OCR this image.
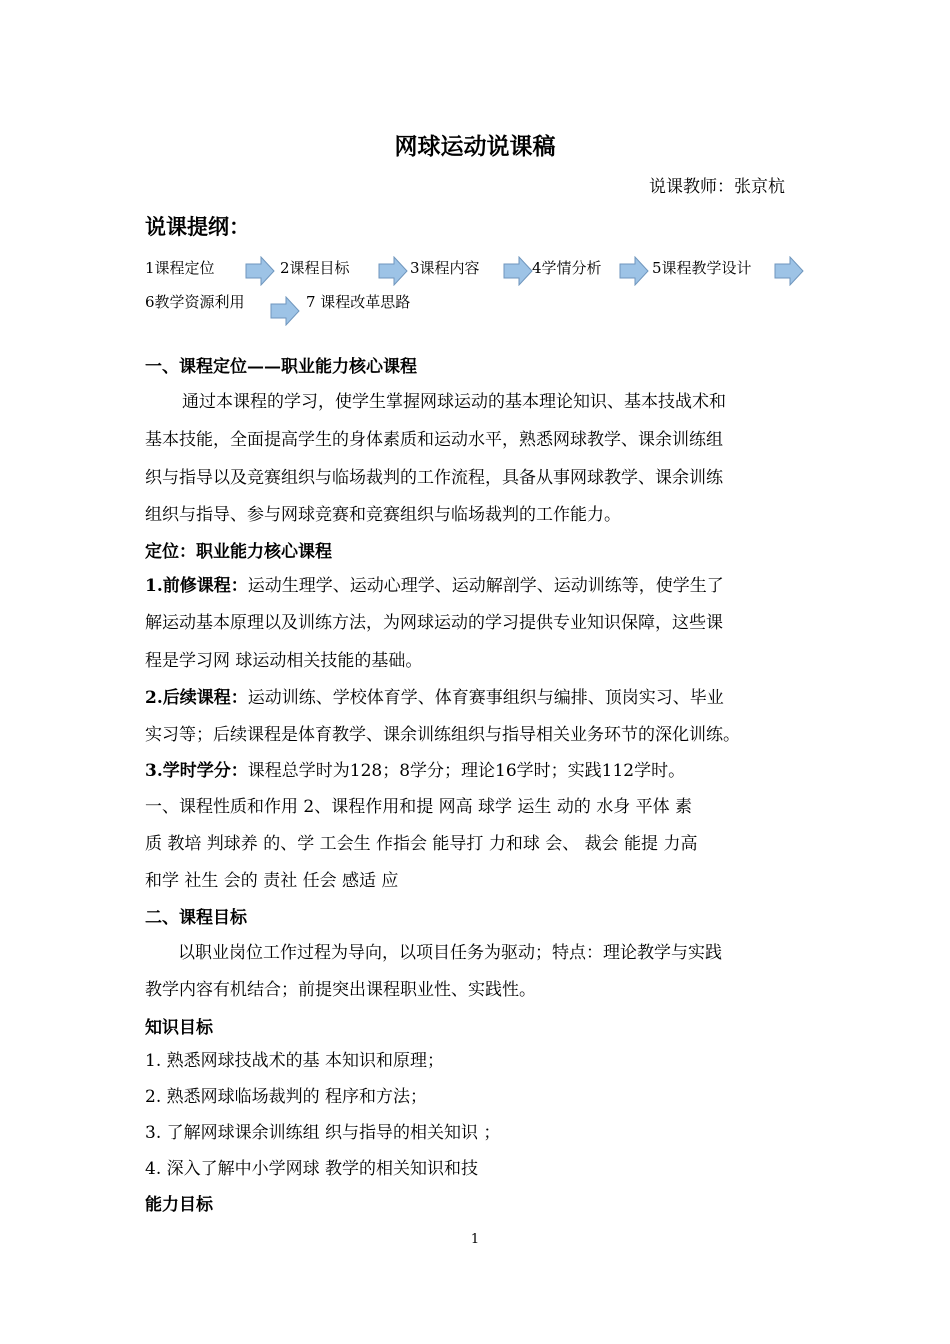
网球运动说课稿
说课教师：张京杭
说课提纲：
1课程定位	2课程目标	3课程内容	4学情分析	5课程教学设计
6教学资源利用	7 课程改革思路
一、课程定位——职业能力核心课程
通过本课程的学习，使学生掌握网球运动的基本理论知识、基本技战术和
基本技能，全面提高学生的身体素质和运动水平，熟悉网球教学、课余训练组
织与指导以及竞赛组织与临场裁判的工作流程，具备从事网球教学、课余训练
组织与指导、参与网球竞赛和竞赛组织与临场裁判的工作能力。
定位：职业能力核心课程
1.前修课程：运动生理学、运动心理学、运动解剖学、运动训练等，使学生了
解运动基本原理以及训练方法，为网球运动的学习提供专业知识保障，这些课
程是学习网 球运动相关技能的基础。
2.后续课程：运动训练、学校体育学、体育赛事组织与编排、顶岗实习、毕业
实习等；后续课程是体育教学、课余训练组织与指导相关业务环节的深化训练。
3.学时学分：课程总学时为128；8学分；理论16学时；实践112学时。
一、课程性质和作用 2、课程作用和提 网高 球学 运生 动的 水身 平体 素
质 教培 判球养 的、学 工会生 作指会 能导打 力和球 会、 裁会 能提 力高
和学 社生 会的 责社 任会 感适 应
二、课程目标
以职业岗位工作过程为导向，以项目任务为驱动；特点：理论教学与实践
教学内容有机结合；前提突出课程职业性、实践性。
知识目标
1. 熟悉网球技战术的基 本知识和原理；
2. 熟悉网球临场裁判的 程序和方法；
3. 了解网球课余训练组 织与指导的相关知识 ；
4. 深入了解中小学网球 教学的相关知识和技
能力目标
1
